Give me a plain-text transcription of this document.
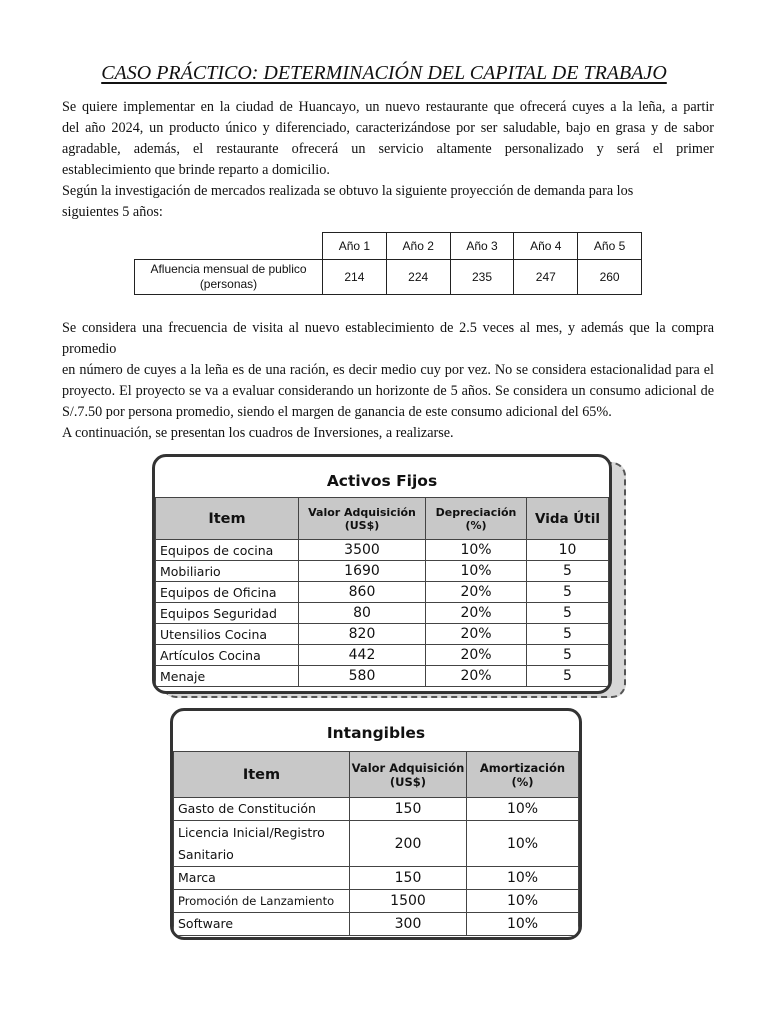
CASO PRÁCTICO: DETERMINACIÓN DEL CAPITAL DE TRABAJO

Se quiere implementar en la ciudad de Huancayo, un nuevo restaurante que ofrecerá cuyes a la leña, a partir

del año 2024, un producto único y diferenciado, caracterizándose por ser saludable, bajo en grasa y de sabor

agradable, además, el restaurante ofrecerá un servicio altamente personalizado y será el primer

establecimiento que brinde reparto a domicilio.

Según la investigación de mercados realizada se obtuvo la siguiente proyección de demanda para los

siguientes 5 años:

	Año 1	Año 2	Año 3	Año 4	Año 5

Afluencia mensual de publico
(personas)	214	224	235	247	260

Se considera una frecuencia de visita al nuevo establecimiento de 2.5 veces al mes, y además que la compra promedio

en número de cuyes a la leña es de una ración, es decir medio cuy por vez. No se considera estacionalidad para el

proyecto. El proyecto se va a evaluar considerando un horizonte de 5 años. Se considera un consumo adicional de

S/.7.50 por persona promedio, siendo el margen de ganancia de este consumo adicional del 65%.

A continuación, se presentan los cuadros de Inversiones, a realizarse.

Activos Fijos
Item	Valor Adquisición (US$)	Depreciación (%)	Vida Útil
Equipos de cocina	3500	10%	10
Mobiliario	1690	10%	5
Equipos de Oficina	860	20%	5
Equipos Seguridad	80	20%	5
Utensilios Cocina	820	20%	5
Artículos Cocina	442	20%	5
Menaje	580	20%	5
Intangibles
Item	Valor Adquisición (US$)	Amortización (%)
Gasto de Constitución	150	10%
Licencia Inicial/Registro Sanitario	200	10%
Marca	150	10%
Promoción de Lanzamiento	1500	10%
Software	300	10%
